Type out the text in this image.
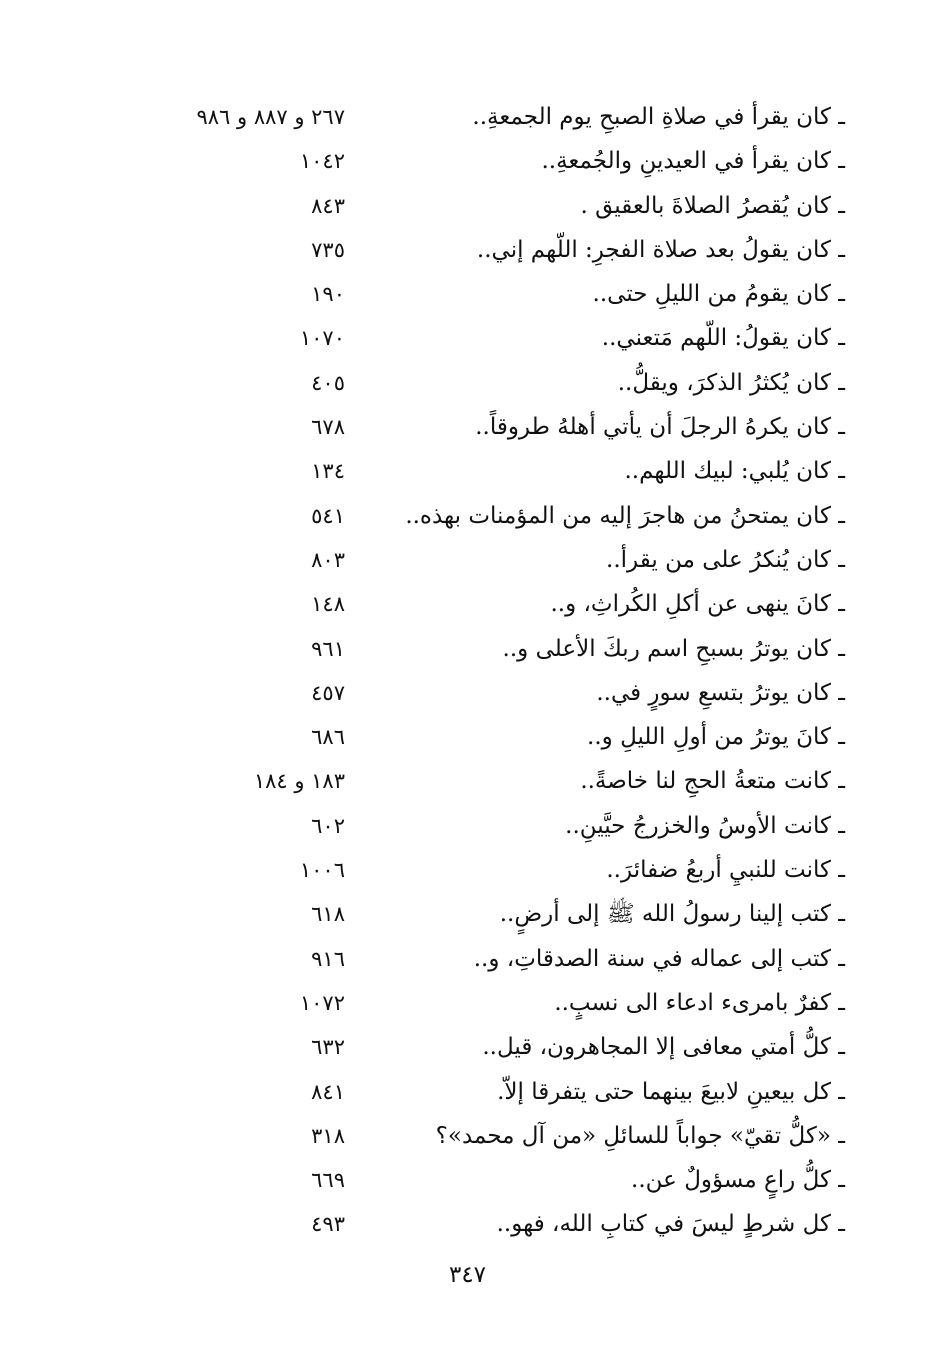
ـ كان يقرأ في صلاةِ الصبحِ يوم الجمعةِ..
٢٦٧ و ٨٨٧ و ٩٨٦
ـ كان يقرأ في العيدينِ والجُمعةِ..
١٠٤٢
ـ كان يُقصرُ الصلاةَ بالعقيق .
٨٤٣
ـ كان يقولُ بعد صلاة الفجرِ: اللّهم إني..
٧٣٥
ـ كان يقومُ من الليلِ حتى..
١٩٠
ـ كان يقولُ: اللّهم مَتعني..
١٠٧٠
ـ كان يُكثرُ الذكرَ، ويقلُّ..
٤٠٥
ـ كان يكرهُ الرجلَ أن يأتي أهلهُ طروقاً..
٦٧٨
ـ كان يُلبي: لبيك اللهم..
١٣٤
ـ كان يمتحنُ من هاجرَ إليه من المؤمنات بهذه..
٥٤١
ـ كان يُنكرُ على من يقرأ..
٨٠٣
ـ كانَ ينهى عن أكلِ الكُراثِ، و..
١٤٨
ـ كان يوترُ بسبحِ اسم ربكَ الأعلى و..
٩٦١
ـ كان يوترُ بتسعِ سورٍ في..
٤٥٧
ـ كانَ يوترُ من أولِ الليلِ و..
٦٨٦
ـ كانت متعةُ الحجِ لنا خاصةً..
١٨٣ و ١٨٤
ـ كانت الأوسُ والخزرجُ حيَّينِ..
٦٠٢
ـ كانت للنبيِ أربعُ ضفائرَ..
١٠٠٦
ـ كتب إلينا رسولُ الله ﷺ إلى أرضٍ..
٦١٨
ـ كتب إلى عماله في سنة الصدقاتِ، و..
٩١٦
ـ كفرٌ بامرىء ادعاء الى نسبٍ..
١٠٧٢
ـ كلُّ أمتي معافى إلا المجاهرون، قيل..
٦٣٢
ـ كل بيعينِ لابيعَ بينهما حتى يتفرقا إلاّ.
٨٤١
ـ «كلُّ تقيّ» جواباً للسائلِ «من آل محمد»؟
٣١٨
ـ كلُّ راعٍ مسؤولٌ عن..
٦٦٩
ـ كل شرطٍ ليسَ في كتابِ الله، فهو..
٤٩٣
٣٤٧
